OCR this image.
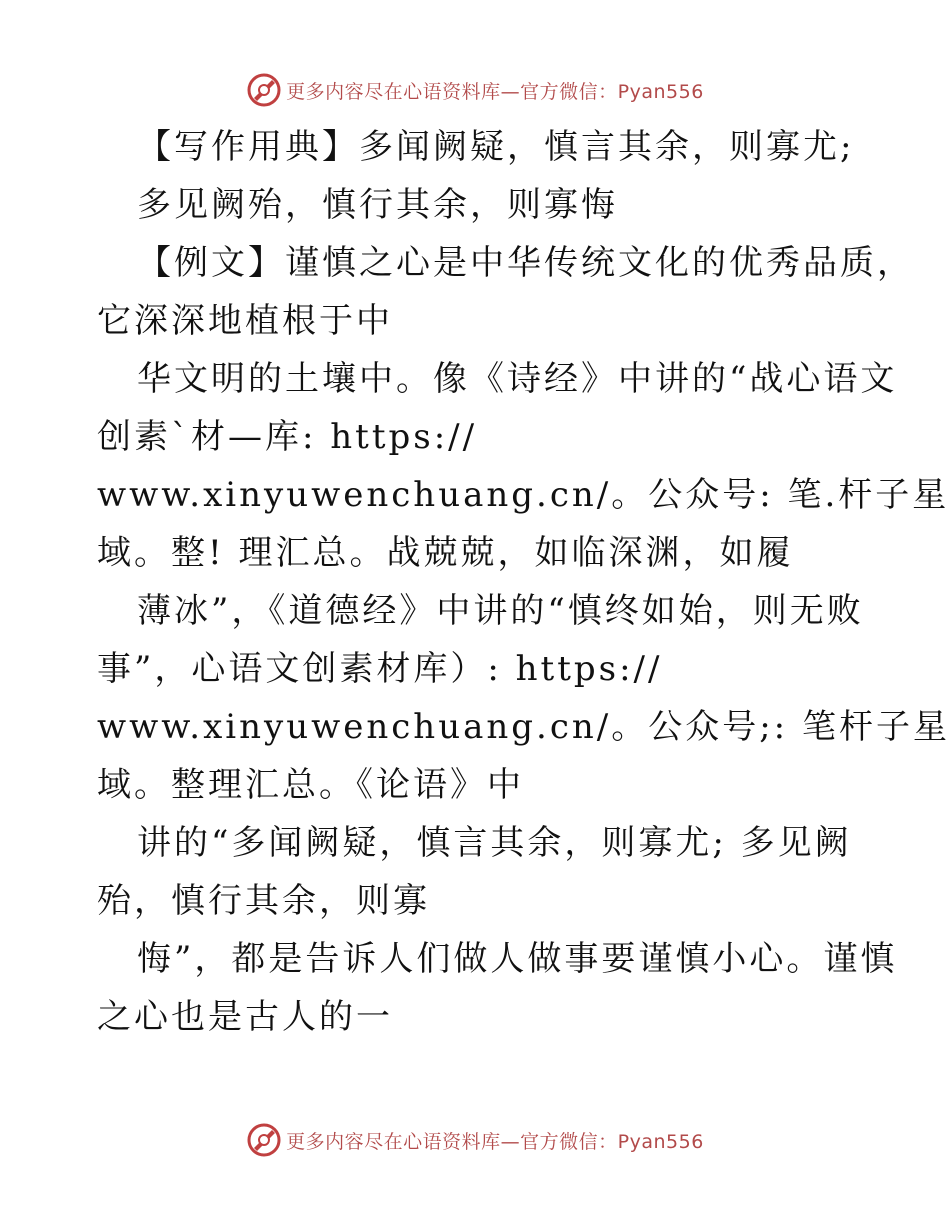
更多内容尽在心语资料库—官方微信：Pyan556
【写作用典】多闻阙疑，慎言其余，则寡尤;
多见阙殆，慎行其余，则寡悔
【例文】谨慎之心是中华传统文化的优秀品质，
它深深地植根于中
华文明的土壤中。像《诗经》中讲的“战心语文
创素`材—库: https://
www.xinyuwenchuang.cn/。公众号: 笔.杆子星
域。整! 理汇总。战兢兢，如临深渊，如履
薄冰”，《道德经》中讲的“慎终如始，则无败
事”，心语文创素材库）: https://
www.xinyuwenchuang.cn/。公众号;: 笔杆子星
域。整理汇总。《论语》中
讲的“多闻阙疑，慎言其余，则寡尤; 多见阙
殆，慎行其余，则寡
悔”，都是告诉人们做人做事要谨慎小心。谨慎
之心也是古人的一
更多内容尽在心语资料库—官方微信：Pyan556
